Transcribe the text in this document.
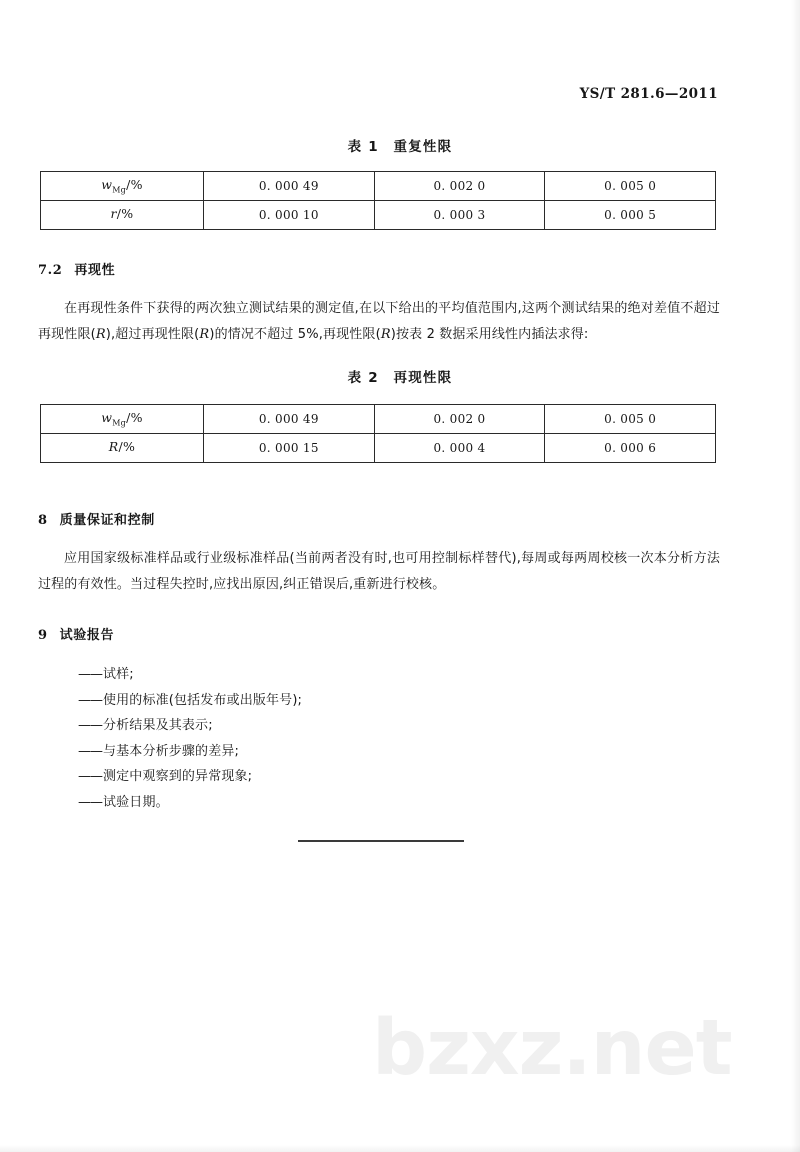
YS/T 281.6—2011
表 1　重复性限
$w_{Mg}/\%$	0. 000 49	0. 002 0	0. 005 0
r/%	0. 000 10	0. 000 3	0. 000 5
7.2 再现性
在再现性条件下获得的两次独立测试结果的测定值,在以下给出的平均值范围内,这两个测试结果的绝对差值不超过再现性限(R),超过再现性限(R)的情况不超过 5%,再现性限(R)按表 2 数据采用线性内插法求得:
表 2　再现性限
$w_{Mg}/\%$	0. 000 49	0. 002 0	0. 005 0
R/%	0. 000 15	0. 000 4	0. 000 6
8 质量保证和控制
应用国家级标准样品或行业级标准样品(当前两者没有时,也可用控制标样替代),每周或每两周校核一次本分析方法过程的有效性。当过程失控时,应找出原因,纠正错误后,重新进行校核。
9 试验报告
——试样;
——使用的标准(包括发布或出版年号);
——分析结果及其表示;
——与基本分析步骤的差异;
——测定中观察到的异常现象;
——试验日期。
bzxz.net
